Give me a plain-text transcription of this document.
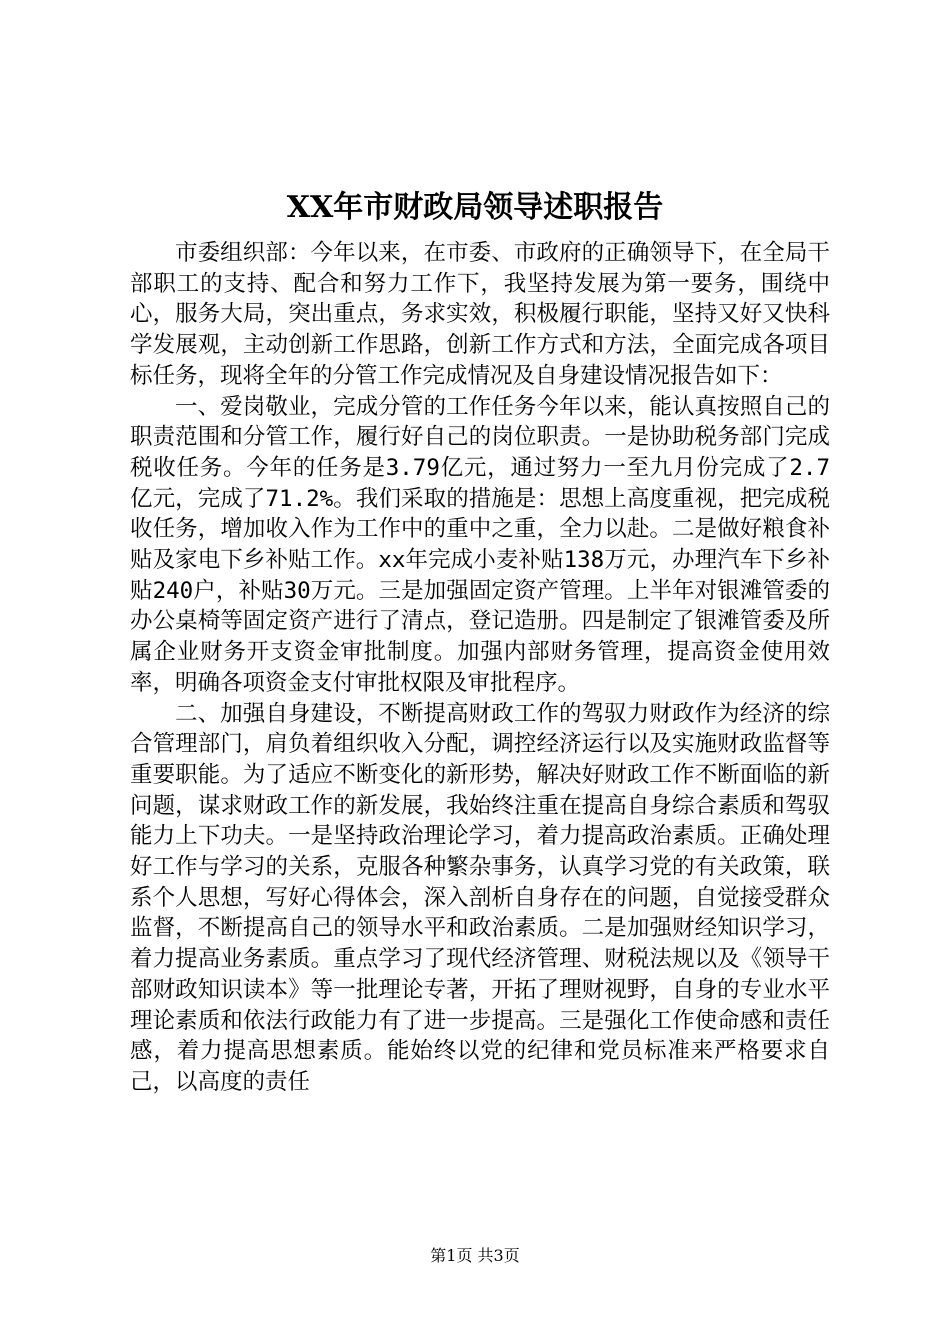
XX年市财政局领导述职报告

市委组织部：今年以来，在市委、市政府的正确领导下，在全局干部职工的支持、配合和努力工作下，我坚持发展为第一要务，围绕中心，服务大局，突出重点，务求实效，积极履行职能，坚持又好又快科学发展观，主动创新工作思路，创新工作方式和方法，全面完成各项目标任务，现将全年的分管工作完成情况及自身建设情况报告如下：

一、爱岗敬业，完成分管的工作任务今年以来，能认真按照自己的职责范围和分管工作，履行好自己的岗位职责。一是协助税务部门完成税收任务。今年的任务是3.79亿元，通过努力一至九月份完成了2.7亿元，完成了71.2%。我们采取的措施是：思想上高度重视，把完成税收任务，增加收入作为工作中的重中之重，全力以赴。二是做好粮食补贴及家电下乡补贴工作。xx年完成小麦补贴138万元，办理汽车下乡补贴240户，补贴30万元。三是加强固定资产管理。上半年对银滩管委的办公桌椅等固定资产进行了清点，登记造册。四是制定了银滩管委及所属企业财务开支资金审批制度。加强内部财务管理，提高资金使用效率，明确各项资金支付审批权限及审批程序。

二、加强自身建设，不断提高财政工作的驾驭力财政作为经济的综合管理部门，肩负着组织收入分配，调控经济运行以及实施财政监督等重要职能。为了适应不断变化的新形势，解决好财政工作不断面临的新问题，谋求财政工作的新发展，我始终注重在提高自身综合素质和驾驭能力上下功夫。一是坚持政治理论学习，着力提高政治素质。正确处理好工作与学习的关系，克服各种繁杂事务，认真学习党的有关政策，联系个人思想，写好心得体会，深入剖析自身存在的问题，自觉接受群众监督，不断提高自己的领导水平和政治素质。二是加强财经知识学习，着力提高业务素质。重点学习了现代经济管理、财税法规以及《领导干部财政知识读本》等一批理论专著，开拓了理财视野，自身的专业水平理论素质和依法行政能力有了进一步提高。三是强化工作使命感和责任感，着力提高思想素质。能始终以党的纪律和党员标准来严格要求自己，以高度的责任

第1页 共3页
